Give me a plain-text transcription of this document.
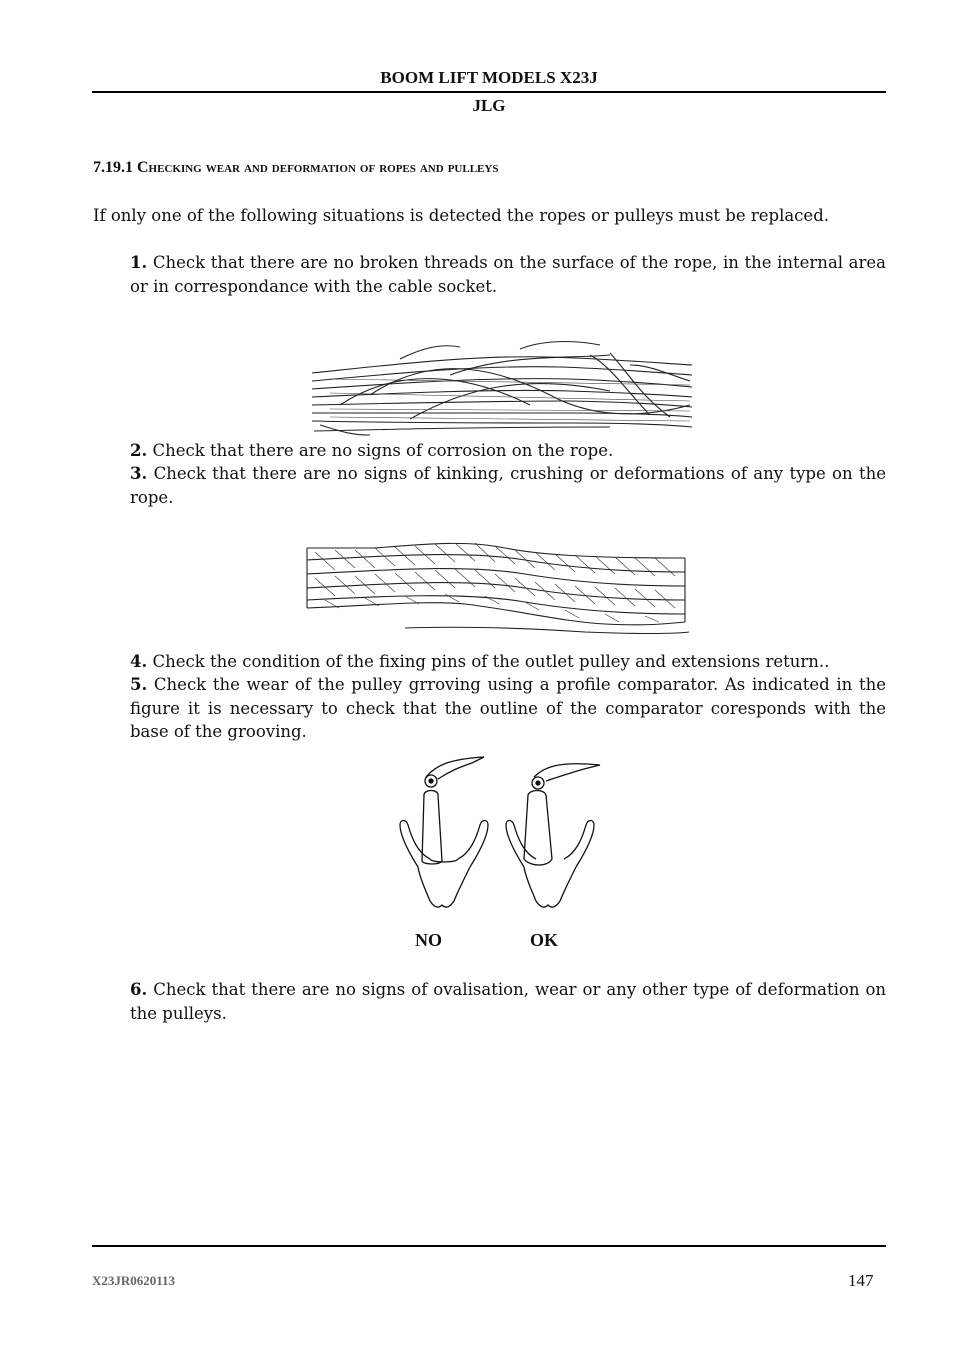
BOOM LIFT MODELS X23J
JLG
7.19.1 Checking wear and deformation of ropes and pulleys
If only one of the following situations is detected the ropes or pulleys must be replaced.
1. Check that there are no broken threads on the surface of the rope, in the internal area or in correspondance with the cable socket.
2. Check that there are no signs of corrosion on the rope.
3. Check that there are no signs of kinking, crushing or deformations of any type on the rope.
4. Check the condition of the fixing pins of the outlet pulley and extensions return..
5. Check the wear of the pulley grroving using a profile comparator. As indicated in the figure it is necessary to check that the outline of the comparator coresponds with the base of the grooving.
NO	OK
6. Check that there are no signs of ovalisation, wear or any other type of deformation on the pulleys.
X23JR0620113	147
